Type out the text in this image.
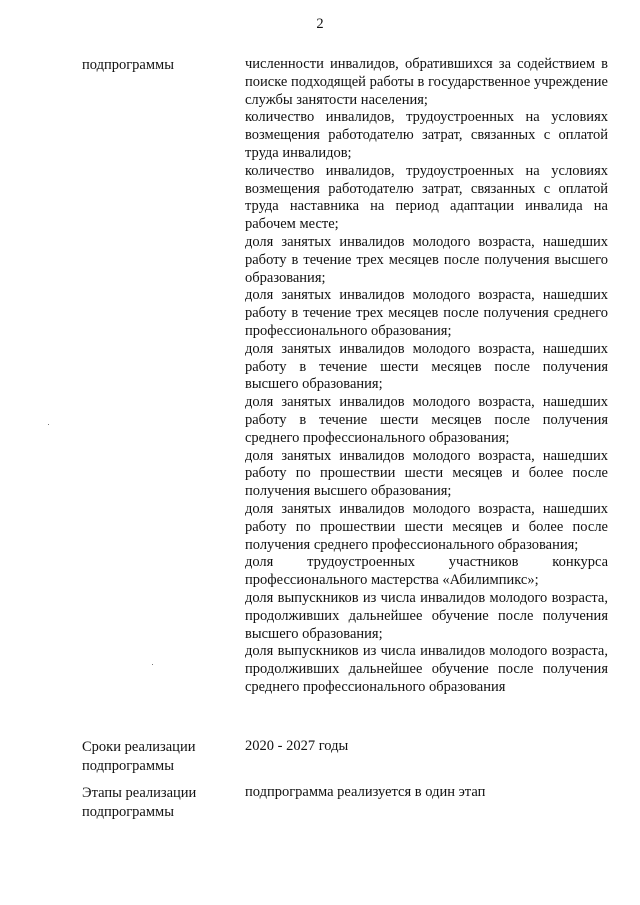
2
подпрограммы	численности инвалидов, обратившихся за содействием в поиске подходящей работы в государственное учреждение службы занятости населения;

количество инвалидов, трудоустроенных на условиях возмещения работодателю затрат, связанных с оплатой труда инвалидов;

количество инвалидов, трудоустроенных на условиях возмещения работодателю затрат, связанных с оплатой труда наставника на период адаптации инвалида на рабочем месте;

доля занятых инвалидов молодого возраста, нашедших работу в течение трех месяцев после получения высшего образования;

доля занятых инвалидов молодого возраста, нашедших работу в течение трех месяцев после получения среднего профессионального образования;

доля занятых инвалидов молодого возраста, нашедших работу в течение шести месяцев после получения высшего образования;

доля занятых инвалидов молодого возраста, нашедших работу в течение шести месяцев после получения среднего профессионального образования;

доля занятых инвалидов молодого возраста, нашедших работу по прошествии шести месяцев и более после получения высшего образования;

доля занятых инвалидов молодого возраста, нашедших работу по прошествии шести месяцев и более после получения среднего профессионального образования;

доля трудоустроенных участников конкурса профессионального мастерства «Абилимпикс»;

доля выпускников из числа инвалидов молодого возраста, продолживших дальнейшее обучение после получения высшего образования;

доля выпускников из числа инвалидов молодого возраста, продолживших дальнейшее обучение после получения среднего профессионального образования

Сроки реализации подпрограммы
2020 - 2027 годы
Этапы реализации подпрограммы
подпрограмма реализуется в один этап
